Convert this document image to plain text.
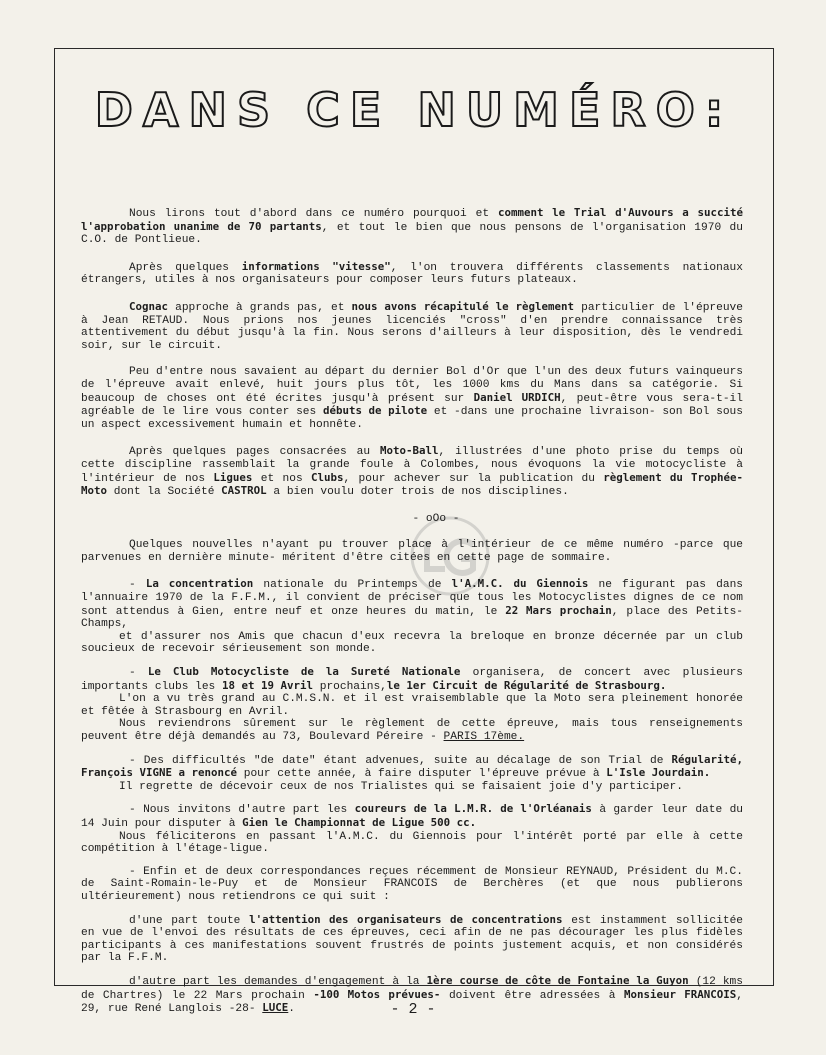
DANS CE NUMÉRO:

Nous lirons tout d'abord dans ce numéro pourquoi et comment le Trial d'Auvours a succité l'approbation unanime de 70 partants, et tout le bien que nous pensons de l'organisation 1970 du C.O. de Pontlieue.

Après quelques informations "vitesse", l'on trouvera différents classements nationaux étrangers, utiles à nos organisateurs pour composer leurs futurs plateaux.

Cognac approche à grands pas, et nous avons récapitulé le règlement particulier de l'épreuve à Jean RETAUD. Nous prions nos jeunes licenciés "cross" d'en prendre connaissance très attentivement du début jusqu'à la fin. Nous serons d'ailleurs à leur disposition, dès le vendredi soir, sur le circuit.

Peu d'entre nous savaient au départ du dernier Bol d'Or que l'un des deux futurs vainqueurs de l'épreuve avait enlevé, huit jours plus tôt, les 1000 kms du Mans dans sa catégorie. Si beaucoup de choses ont été écrites jusqu'à présent sur Daniel URDICH, peut-être vous sera-t-il agréable de le lire vous conter ses débuts de pilote et -dans une prochaine livraison- son Bol sous un aspect excessivement humain et honnête.

Après quelques pages consacrées au Moto-Ball, illustrées d'une photo prise du temps où cette discipline rassemblait la grande foule à Colombes, nous évoquons la vie motocycliste à l'intérieur de nos Ligues et nos Clubs, pour achever sur la publication du règlement du Trophée-Moto dont la Société CASTROL a bien voulu doter trois de nos disciplines.

- oOo -

Quelques nouvelles n'ayant pu trouver place à l'intérieur de ce même numéro -parce que parvenues en dernière minute- méritent d'être citées en cette page de sommaire.

- La concentration nationale du Printemps de l'A.M.C. du Giennois ne figurant pas dans l'annuaire 1970 de la F.F.M., il convient de préciser que tous les Motocyclistes dignes de ce nom sont attendus à Gien, entre neuf et onze heures du matin, le 22 Mars prochain, place des Petits-Champs,
et d'assurer nos Amis que chacun d'eux recevra la breloque en bronze décernée par un club soucieux de recevoir sérieusement son monde.

- Le Club Motocycliste de la Sureté Nationale organisera, de concert avec plusieurs importants clubs les 18 et 19 Avril prochains,le 1er Circuit de Régularité de Strasbourg.
L'on a vu très grand au C.M.S.N. et il est vraisemblable que la Moto sera pleinement honorée et fêtée à Strasbourg en Avril.
Nous reviendrons sûrement sur le règlement de cette épreuve, mais tous renseignements peuvent être déjà demandés au 73, Boulevard Péreire - PARIS 17ème.

- Des difficultés "de date" étant advenues, suite au décalage de son Trial de Régularité, François VIGNE a renoncé pour cette année, à faire disputer l'épreuve prévue à L'Isle Jourdain.
Il regrette de décevoir ceux de nos Trialistes qui se faisaient joie d'y participer.

- Nous invitons d'autre part les coureurs de la L.M.R. de l'Orléanais à garder leur date du 14 Juin pour disputer à Gien le Championnat de Ligue 500 cc.
Nous féliciterons en passant l'A.M.C. du Giennois pour l'intérêt porté par elle à cette compétition à l'étage-ligue.

- Enfin et de deux correspondances reçues récemment de Monsieur REYNAUD, Président du M.C. de Saint-Romain-le-Puy et de Monsieur FRANCOIS de Berchères (et que nous publierons ultérieurement) nous retiendrons ce qui suit :

d'une part toute l'attention des organisateurs de concentrations est instamment sollicitée en vue de l'envoi des résultats de ces épreuves, ceci afin de ne pas décourager les plus fidèles participants à ces manifestations souvent frustrés de points justement acquis, et non considérés par la F.F.M.

d'autre part les demandes d'engagement à la 1ère course de côte de Fontaine la Guyon (12 kms de Chartres) le 22 Mars prochain -100 Motos prévues- doivent être adressées à Monsieur FRANCOIS, 29, rue René Langlois -28- LUCE.	- 2 -
